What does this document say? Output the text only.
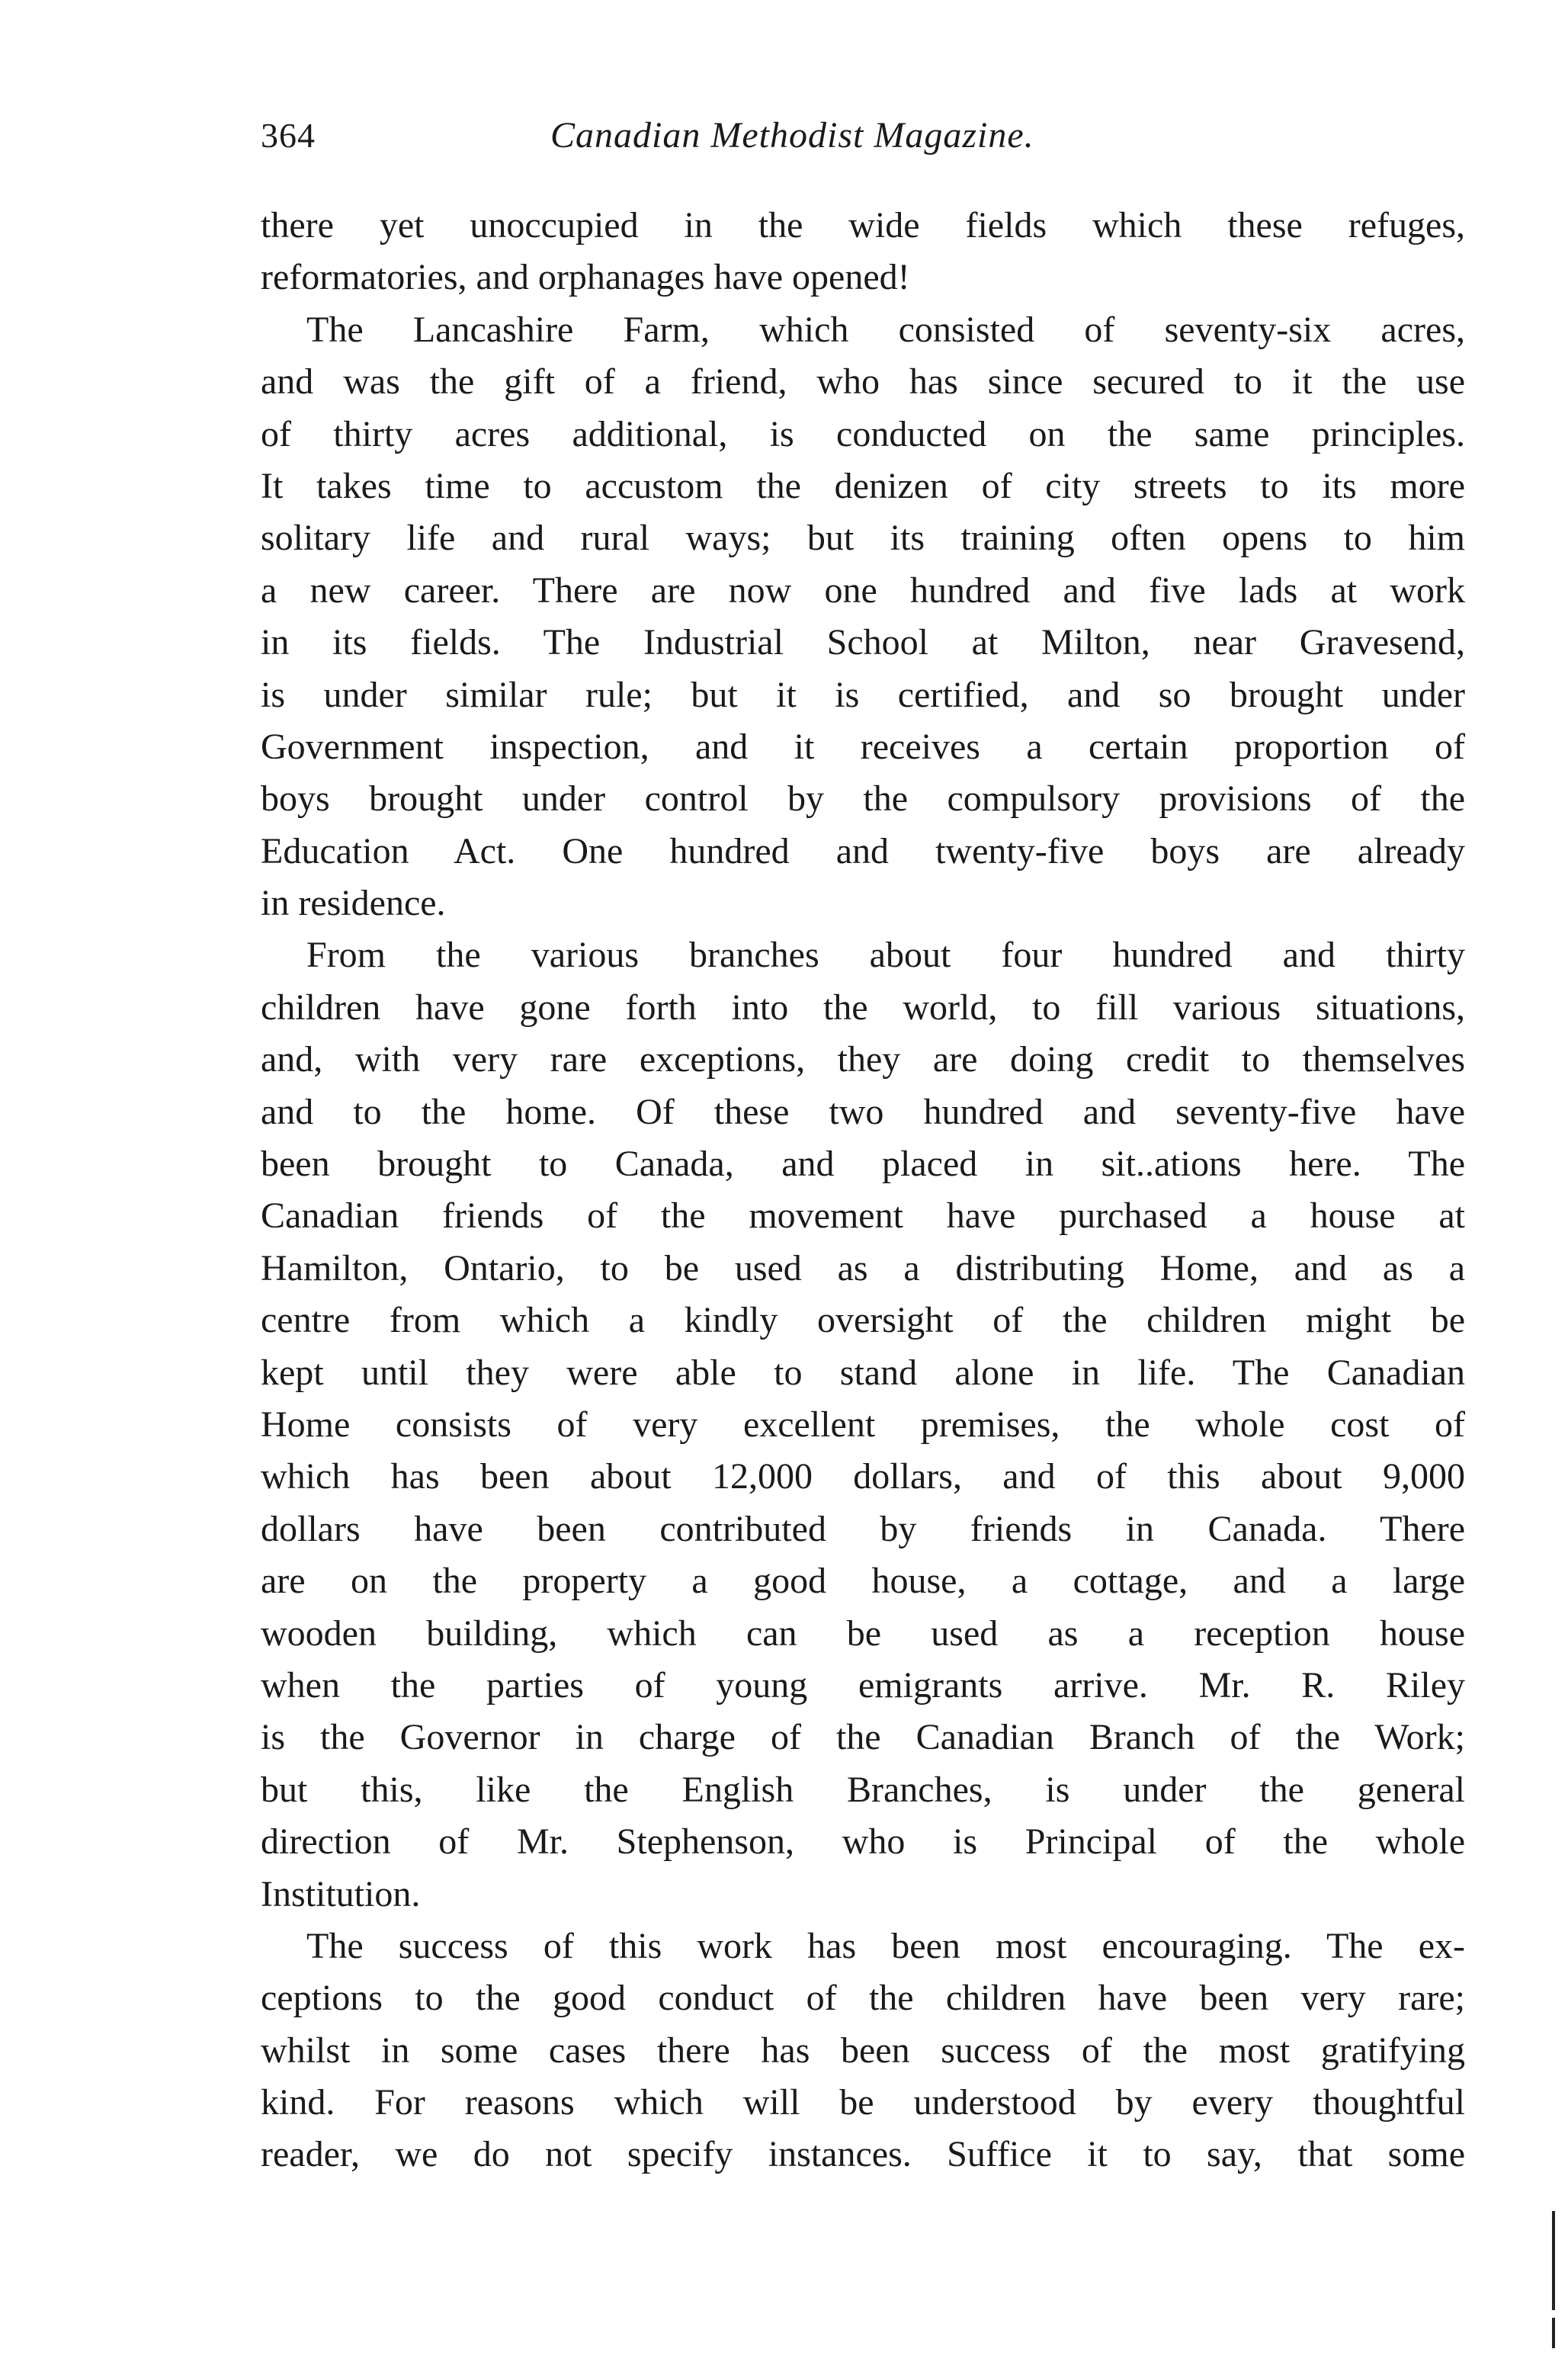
364	Canadian Methodist Magazine.
there yet unoccupied in the wide fields which these refuges,
reformatories, and orphanages have opened!
The Lancashire Farm, which consisted of seventy-six acres,
and was the gift of a friend, who has since secured to it the use
of thirty acres additional, is conducted on the same principles.
It takes time to accustom the denizen of city streets to its more
solitary life and rural ways; but its training often opens to him
a new career. There are now one hundred and five lads at work
in its fields. The Industrial School at Milton, near Gravesend,
is under similar rule; but it is certified, and so brought under
Government inspection, and it receives a certain proportion of
boys brought under control by the compulsory provisions of the
Education Act. One hundred and twenty-five boys are already
in residence.
From the various branches about four hundred and thirty
children have gone forth into the world, to fill various situations,
and, with very rare exceptions, they are doing credit to themselves
and to the home. Of these two hundred and seventy-five have
been brought to Canada, and placed in sit..ations here. The
Canadian friends of the movement have purchased a house at
Hamilton, Ontario, to be used as a distributing Home, and as a
centre from which a kindly oversight of the children might be
kept until they were able to stand alone in life. The Canadian
Home consists of very excellent premises, the whole cost of
which has been about 12,000 dollars, and of this about 9,000
dollars have been contributed by friends in Canada. There
are on the property a good house, a cottage, and a large
wooden building, which can be used as a reception house
when the parties of young emigrants arrive. Mr. R. Riley
is the Governor in charge of the Canadian Branch of the Work;
but this, like the English Branches, is under the general
direction of Mr. Stephenson, who is Principal of the whole
Institution.
The success of this work has been most encouraging. The ex-
ceptions to the good conduct of the children have been very rare;
whilst in some cases there has been success of the most gratifying
kind. For reasons which will be understood by every thoughtful
reader, we do not specify instances. Suffice it to say, that some
